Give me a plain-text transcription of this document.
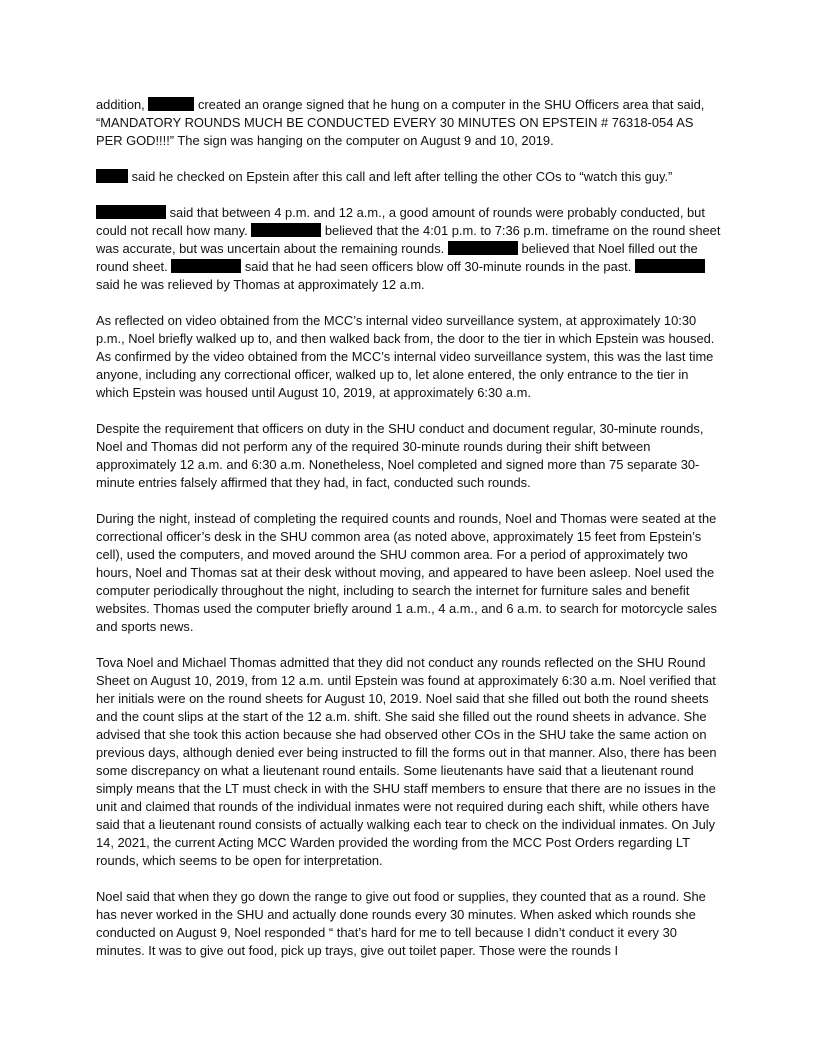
addition,	created an orange signed that he hung on a computer in the SHU Officers area that said, “MANDATORY ROUNDS MUCH BE CONDUCTED EVERY 30 MINUTES ON EPSTEIN # 76318-054 AS PER GOD!!!!” The sign was hanging on the computer on August 9 and 10, 2019.

said he checked on Epstein after this call and left after telling the other COs to “watch this guy.”

said that between 4 p.m. and 12 a.m., a good amount of rounds were probably conducted, but could not recall how many.	believed that the 4:01 p.m. to 7:36 p.m. timeframe on the round sheet was accurate, but was uncertain about the remaining rounds.	believed that Noel filled out the round sheet.	said that he had seen officers blow off 30-minute rounds in the past.  said he was relieved by Thomas at approximately 12 a.m.

As reflected on video obtained from the MCC’s internal video surveillance system, at approximately 10:30 p.m., Noel briefly walked up to, and then walked back from, the door to the tier in which Epstein was housed. As confirmed by the video obtained from the MCC’s internal video surveillance system, this was the last time anyone, including any correctional officer, walked up to, let alone entered, the only entrance to the tier in which Epstein was housed until August 10, 2019, at approximately 6:30 a.m.

Despite the requirement that officers on duty in the SHU conduct and document regular, 30-minute rounds, Noel and Thomas did not perform any of the required 30-minute rounds during their shift between approximately 12 a.m. and 6:30 a.m. Nonetheless, Noel completed and signed more than 75 separate 30-minute entries falsely affirmed that they had, in fact, conducted such rounds.

During the night, instead of completing the required counts and rounds, Noel and Thomas were seated at the correctional officer’s desk in the SHU common area (as noted above, approximately 15 feet from Epstein’s cell), used the computers, and moved around the SHU common area. For a period of approximately two hours, Noel and Thomas sat at their desk without moving, and appeared to have been asleep. Noel used the computer periodically throughout the night, including to search the internet for furniture sales and benefit websites. Thomas used the computer briefly around 1 a.m., 4 a.m., and 6 a.m. to search for motorcycle sales and sports news.

Tova Noel and Michael Thomas admitted that they did not conduct any rounds reflected on the SHU Round Sheet on August 10, 2019, from 12 a.m. until Epstein was found at approximately 6:30 a.m. Noel verified that her initials were on the round sheets for August 10, 2019. Noel said that she filled out both the round sheets and the count slips at the start of the 12 a.m. shift. She said she filled out the round sheets in advance. She advised that she took this action because she had observed other COs in the SHU take the same action on previous days, although denied ever being instructed to fill the forms out in that manner. Also, there has been some discrepancy on what a lieutenant round entails. Some lieutenants have said that a lieutenant round simply means that the LT must check in with the SHU staff members to ensure that there are no issues in the unit and claimed that rounds of the individual inmates were not required during each shift, while others have said that a lieutenant round consists of actually walking each tear to check on the individual inmates. On July 14, 2021, the current Acting MCC Warden provided the wording from the MCC Post Orders regarding LT rounds, which seems to be open for interpretation.

Noel said that when they go down the range to give out food or supplies, they counted that as a round. She has never worked in the SHU and actually done rounds every 30 minutes. When asked which rounds she conducted on August 9, Noel responded “ that’s hard for me to tell because I didn’t conduct it every 30 minutes. It was to give out food, pick up trays, give out toilet paper. Those were the rounds I
